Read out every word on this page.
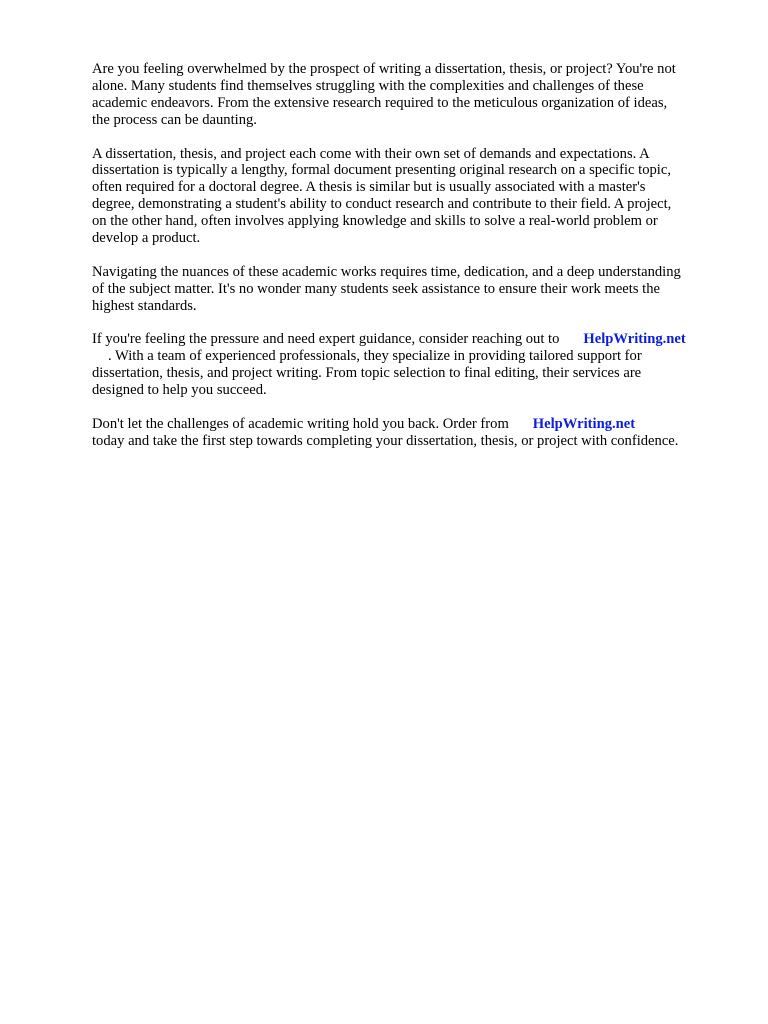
Are you feeling overwhelmed by the prospect of writing a dissertation, thesis, or project? You're not
alone. Many students find themselves struggling with the complexities and challenges of these
academic endeavors. From the extensive research required to the meticulous organization of ideas,
the process can be daunting.

A dissertation, thesis, and project each come with their own set of demands and expectations. A
dissertation is typically a lengthy, formal document presenting original research on a specific topic,
often required for a doctoral degree. A thesis is similar but is usually associated with a master's
degree, demonstrating a student's ability to conduct research and contribute to their field. A project,
on the other hand, often involves applying knowledge and skills to solve a real-world problem or
develop a product.

Navigating the nuances of these academic works requires time, dedication, and a deep understanding
of the subject matter. It's no wonder many students seek assistance to ensure their work meets the
highest standards.

If you're feeling the pressure and need expert guidance, consider reaching out to HelpWriting.net
. With a team of experienced professionals, they specialize in providing tailored support for
dissertation, thesis, and project writing. From topic selection to final editing, their services are
designed to help you succeed.

Don't let the challenges of academic writing hold you back. Order from HelpWriting.net
today and take the first step towards completing your dissertation, thesis, or project with confidence.
